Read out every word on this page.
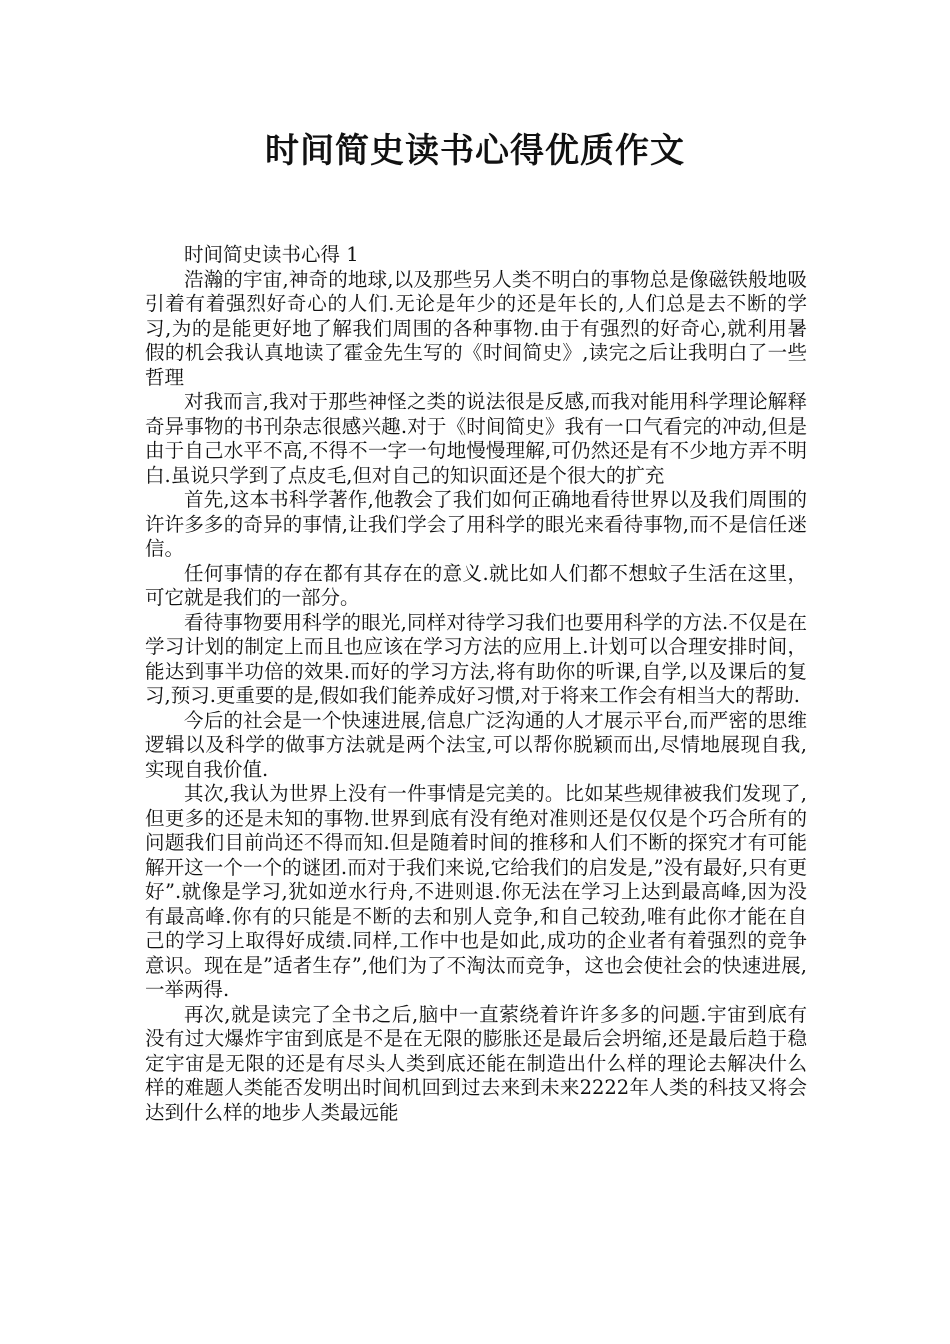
时间简史读书心得优质作文

时间简史读书心得 1

浩瀚的宇宙,神奇的地球,以及那些另人类不明白的事物总是像磁铁般地吸引着有着强烈好奇心的人们.无论是年少的还是年长的,人们总是去不断的学习,为的是能更好地了解我们周围的各种事物.由于有强烈的好奇心,就利用暑假的机会我认真地读了霍金先生写的《时间简史》,读完之后让我明白了一些哲理

对我而言,我对于那些神怪之类的说法很是反感,而我对能用科学理论解释奇异事物的书刊杂志很感兴趣.对于《时间简史》我有一口气看完的冲动,但是由于自己水平不高,不得不一字一句地慢慢理解,可仍然还是有不少地方弄不明白.虽说只学到了点皮毛,但对自己的知识面还是个很大的扩充

首先,这本书科学著作,他教会了我们如何正确地看待世界以及我们周围的许许多多的奇异的事情,让我们学会了用科学的眼光来看待事物,而不是信任迷信。

任何事情的存在都有其存在的意义.就比如人们都不想蚊子生活在这里，可它就是我们的一部分。

看待事物要用科学的眼光,同样对待学习我们也要用科学的方法.不仅是在学习计划的制定上而且也应该在学习方法的应用上.计划可以合理安排时间，能达到事半功倍的效果.而好的学习方法,将有助你的听课,自学,以及课后的复习,预习.更重要的是,假如我们能养成好习惯,对于将来工作会有相当大的帮助.

今后的社会是一个快速进展,信息广泛沟通的人才展示平台,而严密的思维逻辑以及科学的做事方法就是两个法宝,可以帮你脱颖而出,尽情地展现自我,实现自我价值.

其次,我认为世界上没有一件事情是完美的。比如某些规律被我们发现了,但更多的还是未知的事物.世界到底有没有绝对准则还是仅仅是个巧合所有的问题我们目前尚还不得而知.但是随着时间的推移和人们不断的探究才有可能解开这一个一个的谜团.而对于我们来说,它给我们的启发是,”没有最好,只有更好”.就像是学习,犹如逆水行舟,不进则退.你无法在学习上达到最高峰,因为没有最高峰.你有的只能是不断的去和别人竞争,和自己较劲,唯有此你才能在自己的学习上取得好成绩.同样,工作中也是如此,成功的企业者有着强烈的竞争意识。现在是”适者生存”,他们为了不淘汰而竞争，这也会使社会的快速进展,一举两得.

再次,就是读完了全书之后,脑中一直萦绕着许许多多的问题.宇宙到底有没有过大爆炸宇宙到底是不是在无限的膨胀还是最后会坍缩,还是最后趋于稳定宇宙是无限的还是有尽头人类到底还能在制造出什么样的理论去解决什么样的难题人类能否发明出时间机回到过去来到未来2222年人类的科技又将会达到什么样的地步人类最远能
